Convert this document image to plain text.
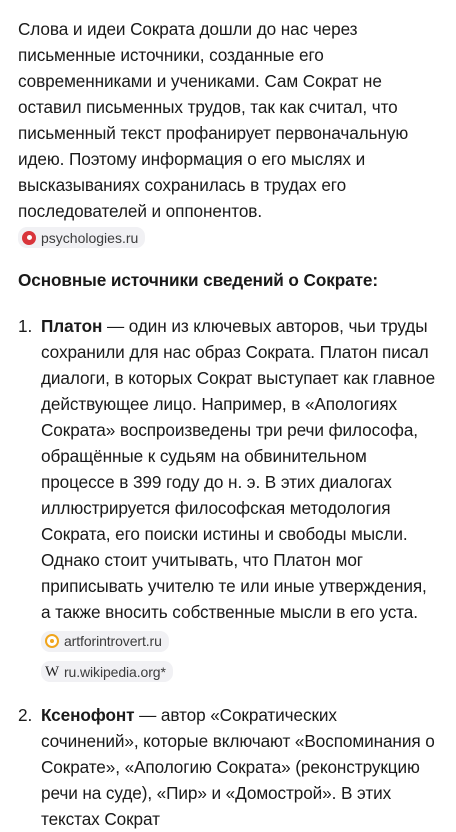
Слова и идеи Сократа дошли до нас через письменные источники, созданные его современниками и учениками. Сам Сократ не оставил письменных трудов, так как считал, что письменный текст профанирует первоначальную идею. Поэтому информация о его мыслях и высказываниях сохранилась в трудах его последователей и оппонентов.

psychologies.ru
Основные источники сведений о Сократе:
1. Платон — один из ключевых авторов, чьи труды сохранили для нас образ Сократа. Платон писал диалоги, в которых Сократ выступает как главное действующее лицо. Например, в «Апологиях Сократа» воспроизведены три речи философа, обращённые к судьям на обвинительном процессе в 399 году до н. э. В этих диалогах иллюстрируется философская методология Сократа, его поиски истины и свободы мысли. Однако стоит учитывать, что Платон мог приписывать учителю те или иные утверждения, а также вносить собственные мысли в его уста.
artforintrovert.ru
W ru.wikipedia.org*
2. Ксенофонт — автор «Сократических сочинений», которые включают «Воспоминания о Сократе», «Апологию Сократа» (реконструкцию речи на суде), «Пир» и «Домострой». В этих текстах Сократ
